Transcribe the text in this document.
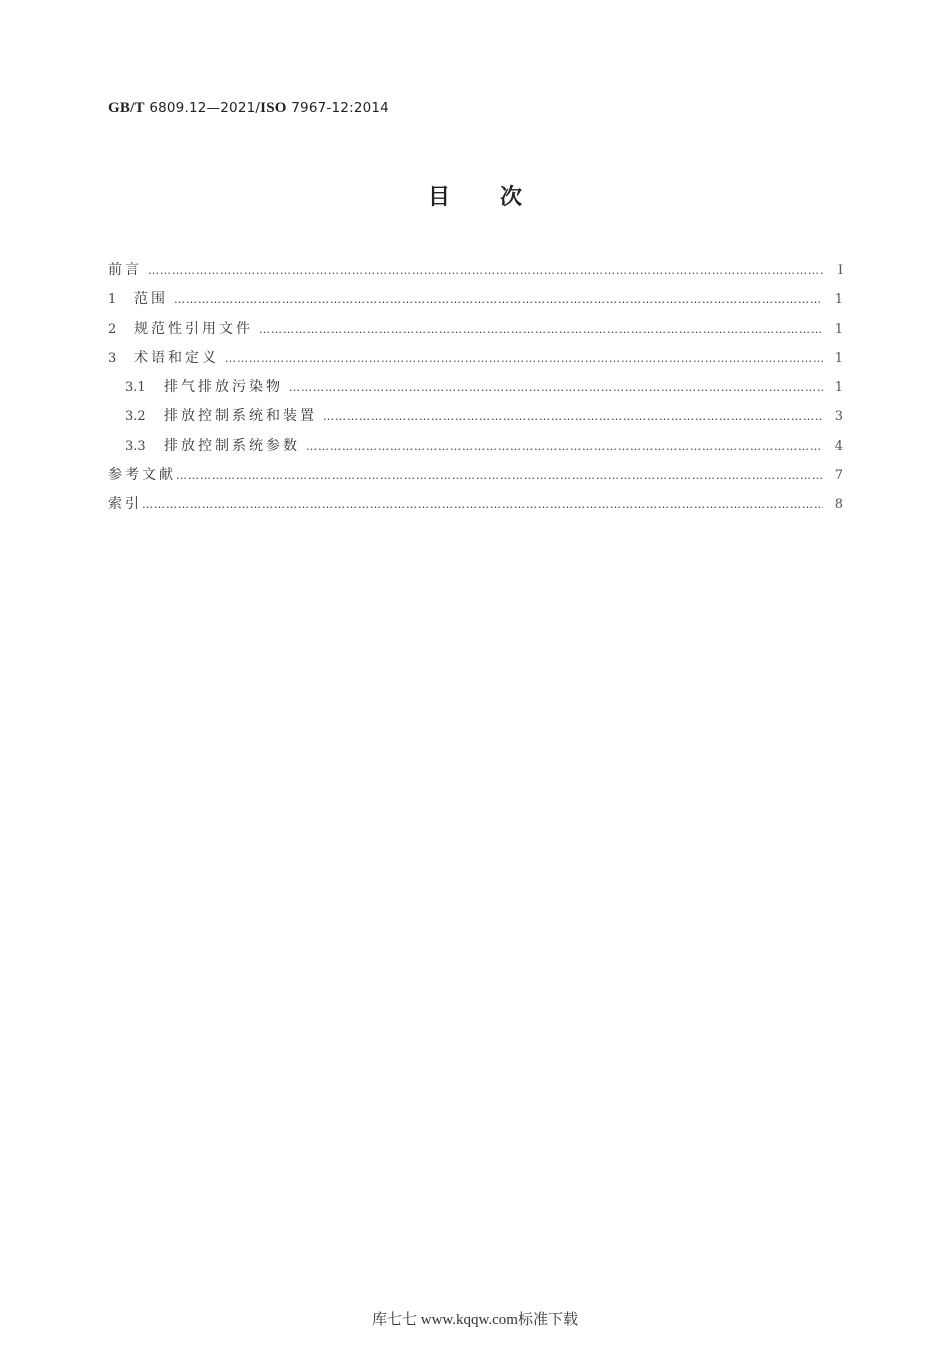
GB/T 6809.12—2021/ISO 7967-12:2014
目 次
前言 …………………………………………………………………………………………………………………………………………………………………………………………………	Ⅰ
1	范围 …………………………………………………………………………………………………………………………………………………………………………………………………	1
2	规范性引用文件 …………………………………………………………………………………………………………………………………………………………………………………………………	1
3	术语和定义 …………………………………………………………………………………………………………………………………………………………………………………………………	1
3.1	排气排放污染物 …………………………………………………………………………………………………………………………………………………………………………………………………	1
3.2	排放控制系统和装置 …………………………………………………………………………………………………………………………………………………………………………………………………	3
3.3	排放控制系统参数 …………………………………………………………………………………………………………………………………………………………………………………………………	4
参考文献 …………………………………………………………………………………………………………………………………………………………………………………………………	7
索引 …………………………………………………………………………………………………………………………………………………………………………………………………	8
库七七 www.kqqw.com标准下载
